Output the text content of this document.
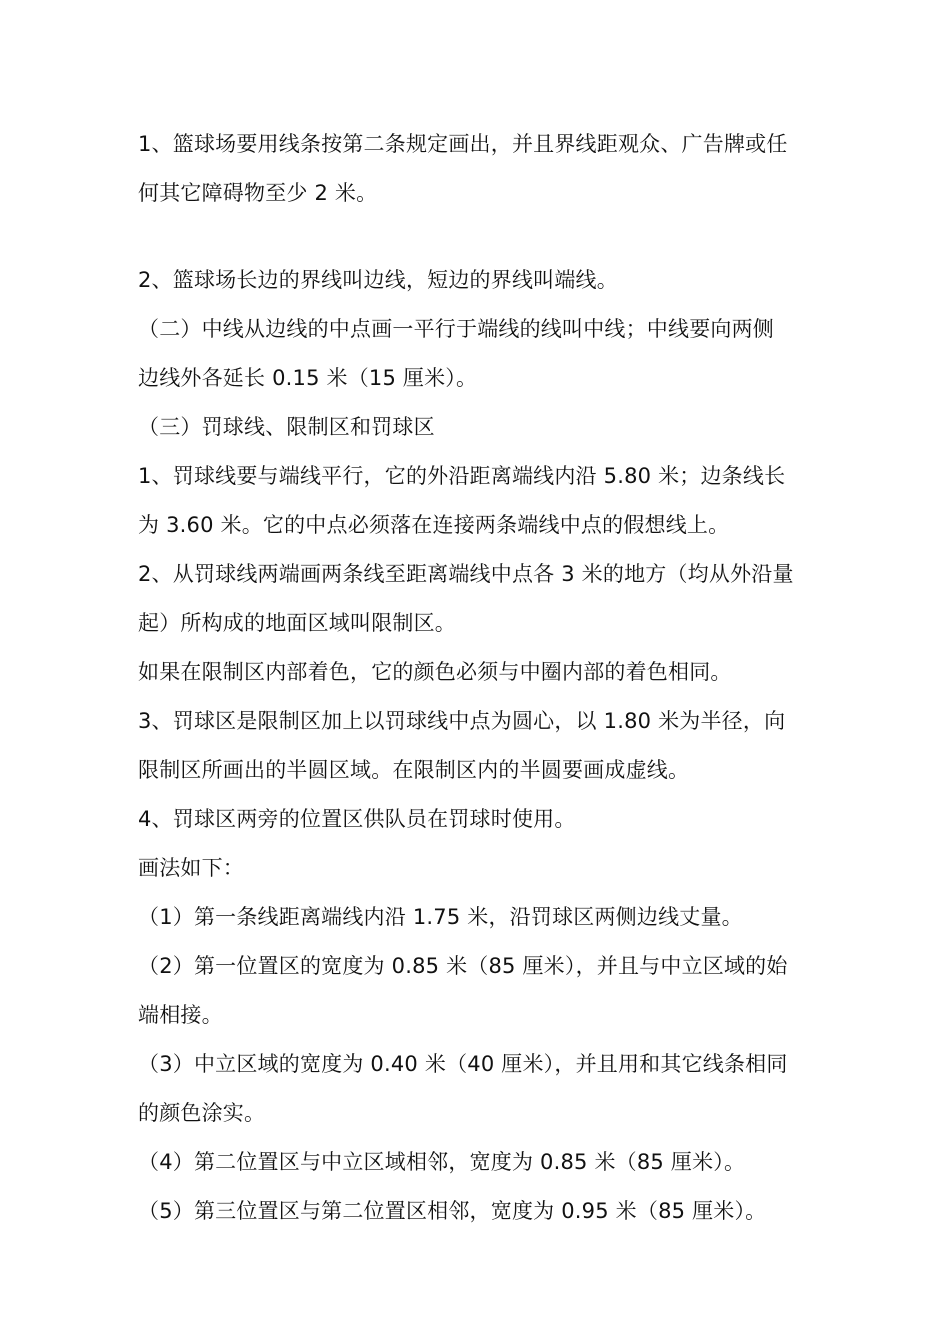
1、篮球场要用线条按第二条规定画出，并且界线距观众、广告牌或任
何其它障碍物至少 2 米。
2、篮球场长边的界线叫边线，短边的界线叫端线。
（二）中线从边线的中点画一平行于端线的线叫中线；中线要向两侧
边线外各延长 0.15 米（15 厘米）。
（三）罚球线、限制区和罚球区
1、罚球线要与端线平行，它的外沿距离端线内沿 5.80 米；边条线长
为 3.60 米。它的中点必须落在连接两条端线中点的假想线上。
2、从罚球线两端画两条线至距离端线中点各 3 米的地方（均从外沿量
起）所构成的地面区域叫限制区。
如果在限制区内部着色，它的颜色必须与中圈内部的着色相同。
3、罚球区是限制区加上以罚球线中点为圆心，以 1.80 米为半径，向
限制区所画出的半圆区域。在限制区内的半圆要画成虚线。
4、罚球区两旁的位置区供队员在罚球时使用。
画法如下：
（1）第一条线距离端线内沿 1.75 米，沿罚球区两侧边线丈量。
（2）第一位置区的宽度为 0.85 米（85 厘米），并且与中立区域的始
端相接。
（3）中立区域的宽度为 0.40 米（40 厘米），并且用和其它线条相同
的颜色涂实。
（4）第二位置区与中立区域相邻，宽度为 0.85 米（85 厘米）。
（5）第三位置区与第二位置区相邻，宽度为 0.95 米（85 厘米）。
